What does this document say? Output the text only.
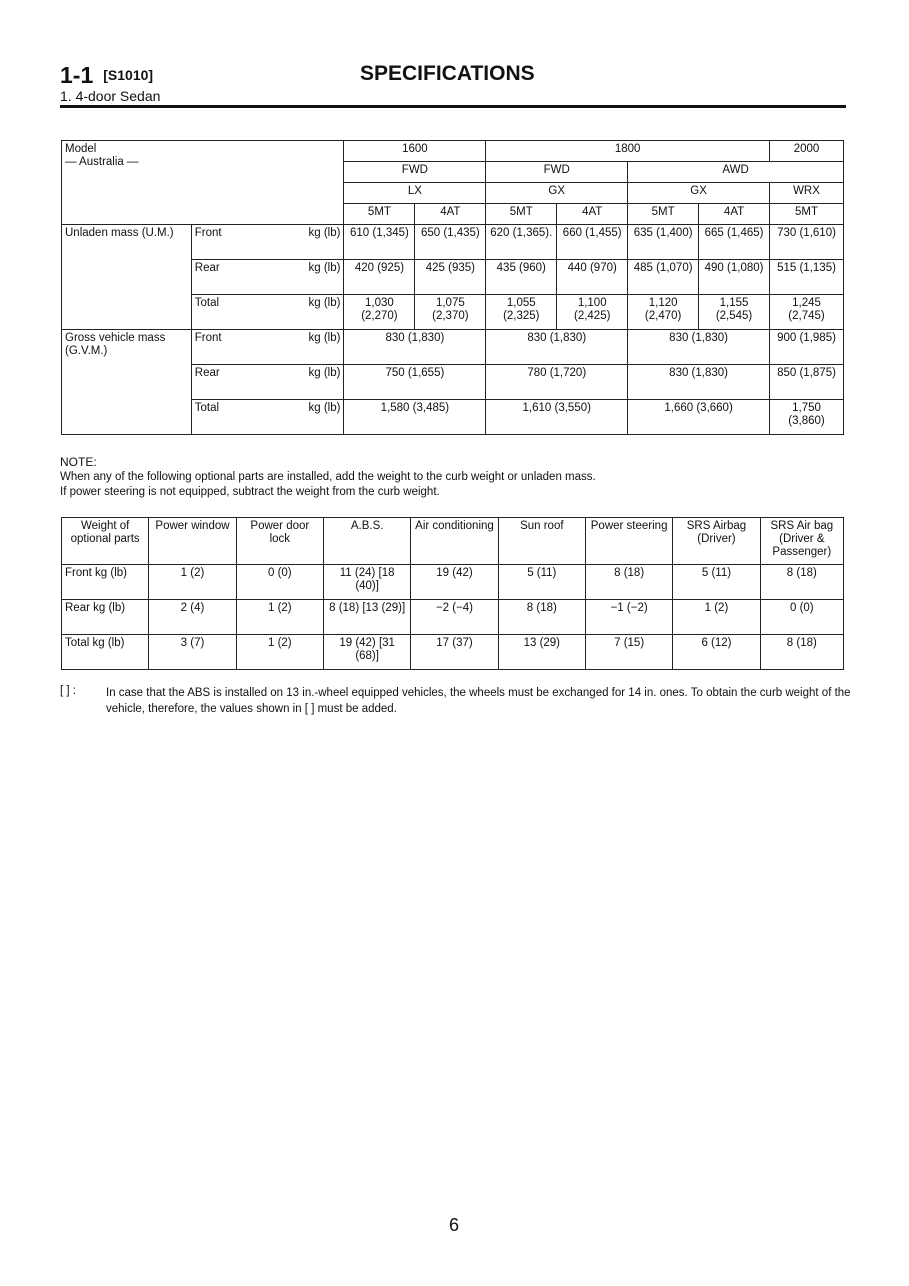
1-1 [S1010]	SPECIFICATIONS
1. 4-door Sedan
Model
— Australia —		1600		1800				2000
		FWD		FWD		AWD		
		LX		GX		GX		WRX
		5MT	4AT	5MT	4AT	5MT	4AT	5MT
Unladen mass (U.M.)	Front kg (lb)	610 (1,345)	650 (1,435)	620 (1,365).	660 (1,455)	635 (1,400)	665 (1,465)	730 (1,610)
	Rear kg (lb)	420 (925)	425 (935)	435 (960)	440 (970)	485 (1,070)	490 (1,080)	515 (1,135)
	Total kg (lb)	1,030 (2,270)	1,075 (2,370)	1,055 (2,325)	1,100 (2,425)	1,120 (2,470)	1,155 (2,545)	1,245 (2,745)
Gross vehicle mass (G.V.M.)	Front kg (lb)	830 (1,830)		830 (1,830)		830 (1,830)		900 (1,985)
	Rear kg (lb)	750 (1,655)		780 (1,720)		830 (1,830)		850 (1,875)
	Total kg (lb)	1,580 (3,485)		1,610 (3,550)		1,660 (3,660)		1,750 (3,860)
NOTE:
When any of the following optional parts are installed, add the weight to the curb weight or unladen mass.
If power steering is not equipped, subtract the weight from the curb weight.
Weight of optional parts	Power window	Power door lock	A.B.S.	Air conditioning	Sun roof	Power steering	SRS Airbag (Driver)	SRS Air bag (Driver & Passenger)
Front kg (lb)	1 (2)	0 (0)	11 (24) [18 (40)]	19 (42)	5 (11)	8 (18)	5 (11)	8 (18)
Rear kg (lb)	2 (4)	1 (2)	8 (18) [13 (29)]	−2 (−4)	8 (18)	−1 (−2)	1 (2)	0 (0)
Total kg (lb)	3 (7)	1 (2)	19 (42) [31 (68)]	17 (37)	13 (29)	7 (15)	6 (12)	8 (18)
[ ] :	In case that the ABS is installed on 13 in.-wheel equipped vehicles, the wheels must be exchanged for 14 in. ones. To obtain the curb weight of the vehicle, therefore, the values shown in [ ] must be added.
6
